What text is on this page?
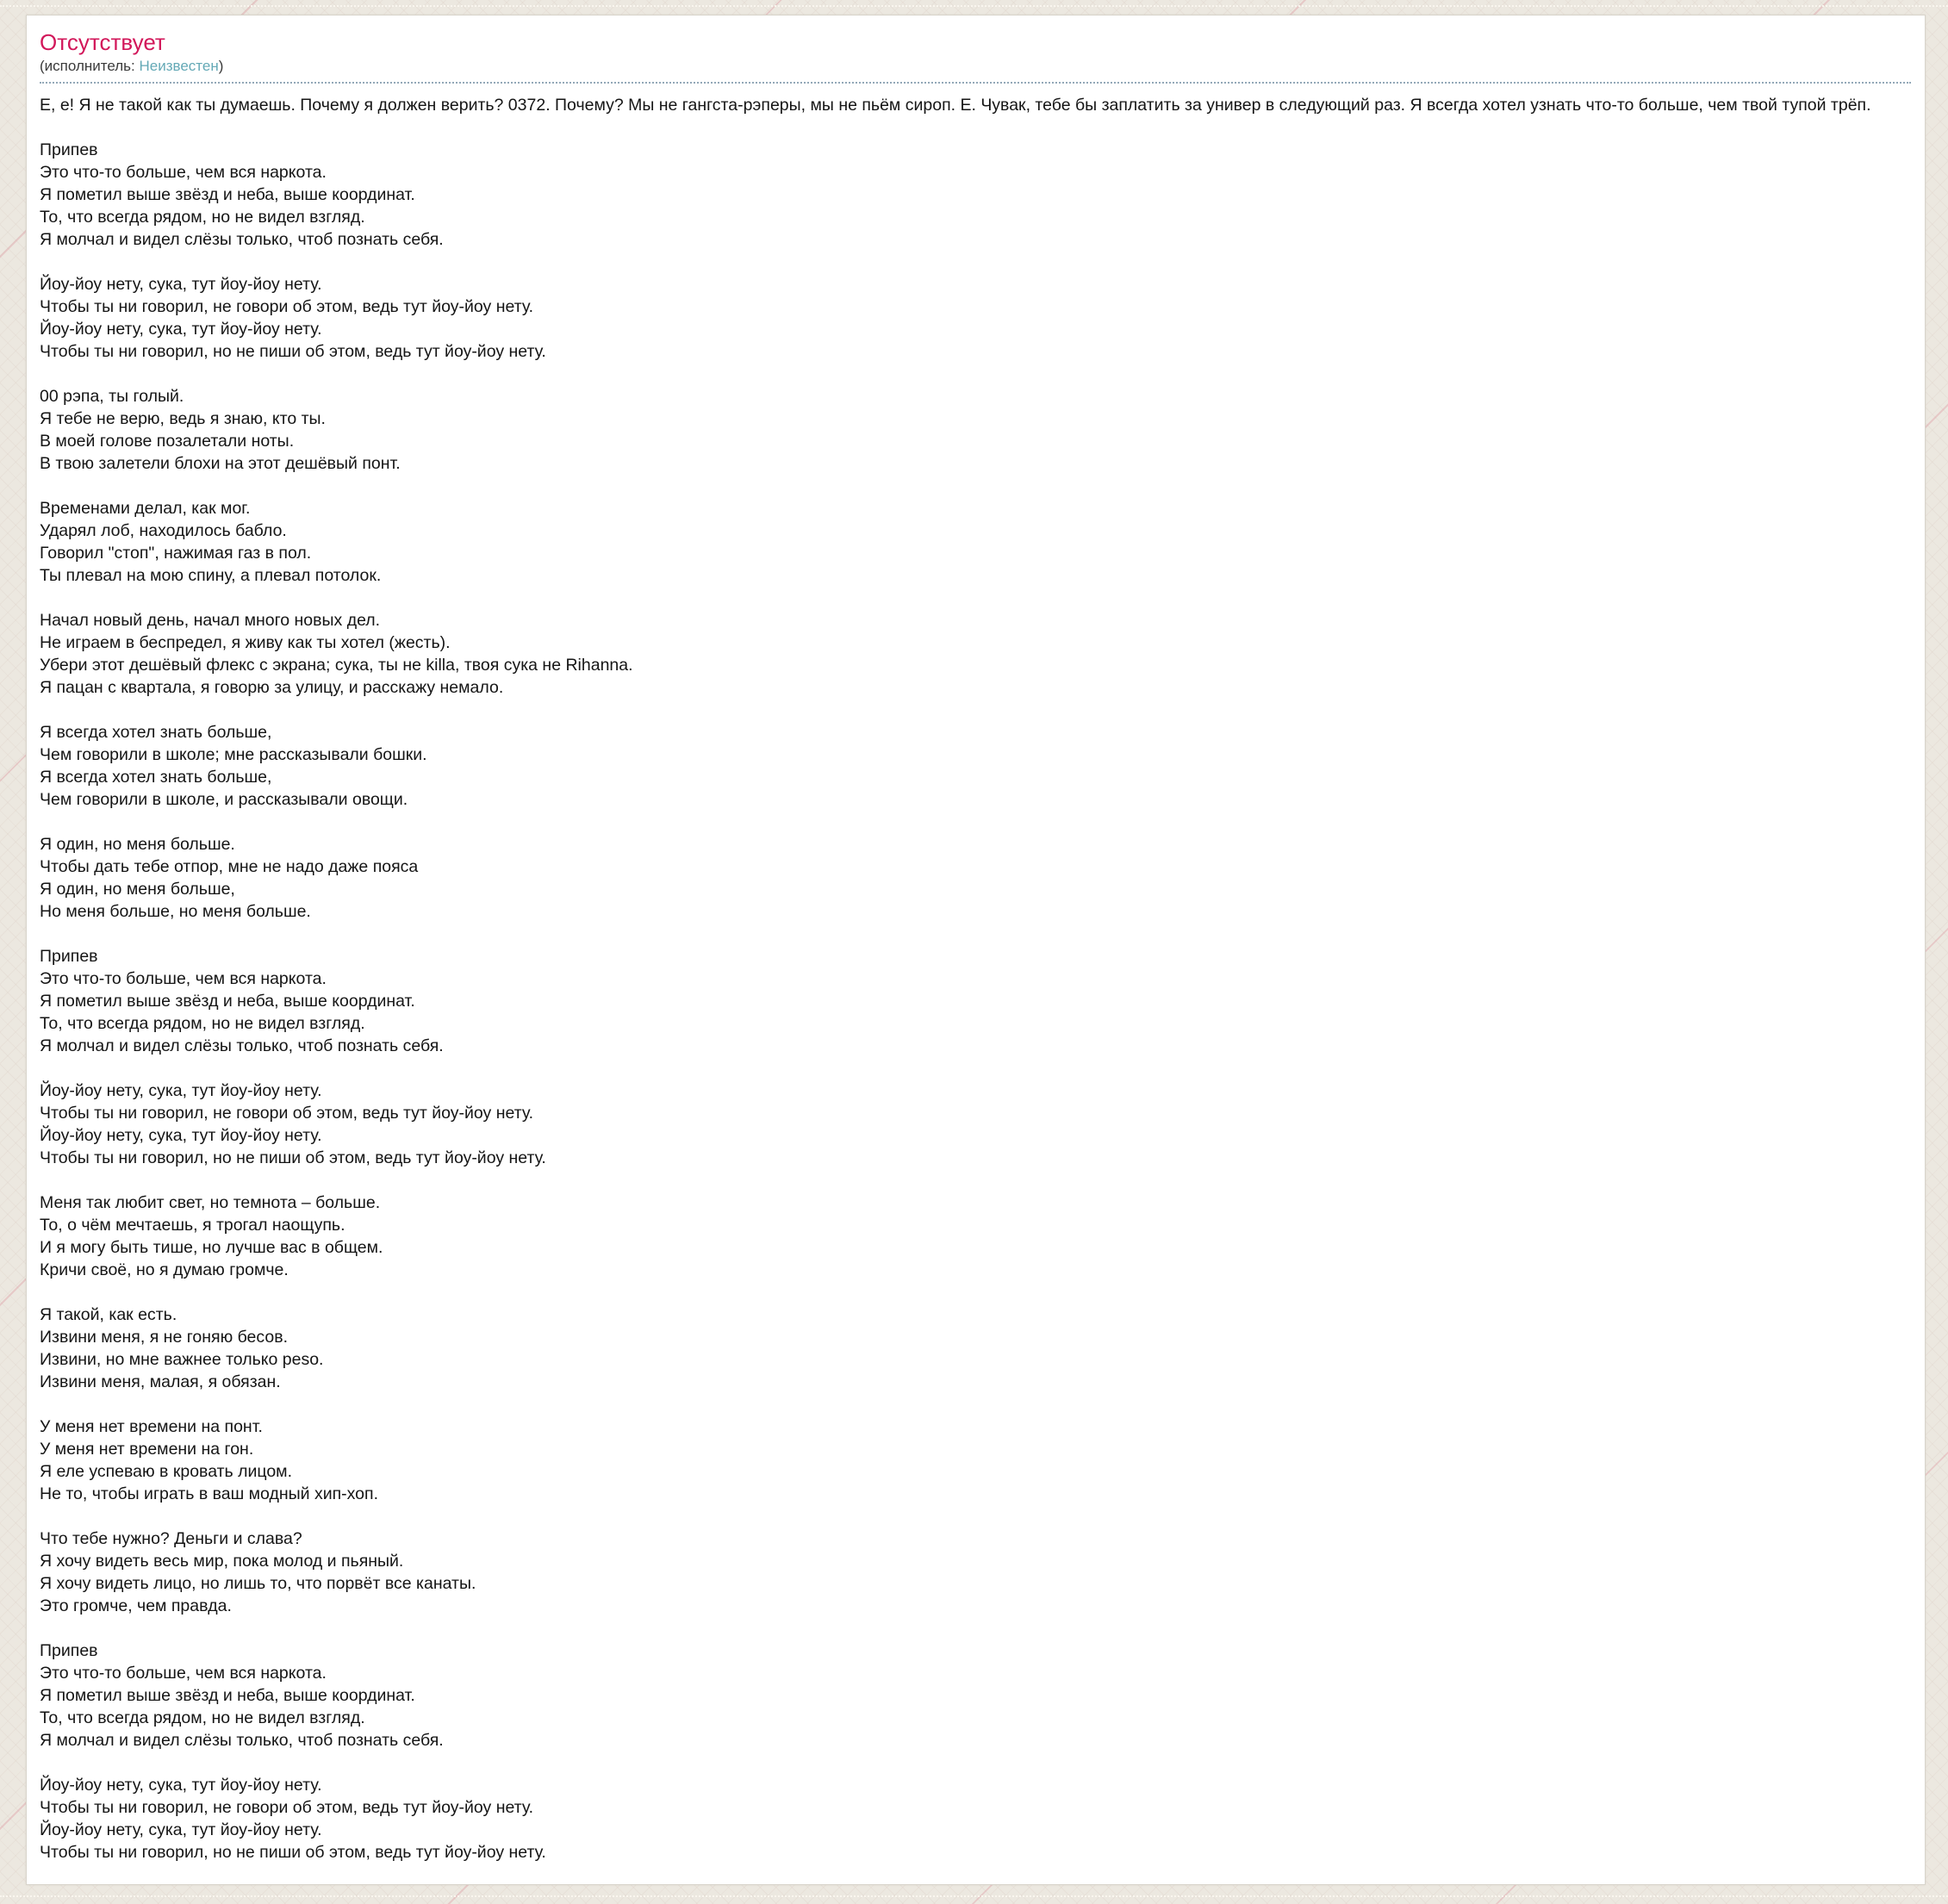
Отсутствует
(исполнитель: Неизвестен)
Е, е! Я не такой как ты думаешь. Почему я должен верить? 0372. Почему? Мы не гангста-рэперы, мы не пьём сироп. Е. Чувак, тебе бы заплатить за универ в следующий раз. Я всегда хотел узнать что-то больше, чем твой тупой трёп.
Припев
Это что-то больше, чем вся наркота.
Я пометил выше звёзд и неба, выше координат.
То, что всегда рядом, но не видел взгляд.
Я молчал и видел слёзы только, чтоб познать себя.
Йоу-йоу нету, сука, тут йоу-йоу нету.
Чтобы ты ни говорил, не говори об этом, ведь тут йоу-йоу нету.
Йоу-йоу нету, сука, тут йоу-йоу нету.
Чтобы ты ни говорил, но не пиши об этом, ведь тут йоу-йоу нету.
00 рэпа, ты голый.
Я тебе не верю, ведь я знаю, кто ты.
В моей голове позалетали ноты.
В твою залетели блохи на этот дешёвый понт.
Временами делал, как мог.
Ударял лоб, находилось бабло.
Говорил "стоп", нажимая газ в пол.
Ты плевал на мою спину, а плевал потолок.
Начал новый день, начал много новых дел.
Не играем в беспредел, я живу как ты хотел (жесть).
Убери этот дешёвый флекс с экрана; сука, ты не killa, твоя сука не Rihanna.
Я пацан с квартала, я говорю за улицу, и расскажу немало.
Я всегда хотел знать больше,
Чем говорили в школе; мне рассказывали бошки.
Я всегда хотел знать больше,
Чем говорили в школе, и рассказывали овощи.
Я один, но меня больше.
Чтобы дать тебе отпор, мне не надо даже пояса
Я один, но меня больше,
Но меня больше, но меня больше.
Припев
Это что-то больше, чем вся наркота.
Я пометил выше звёзд и неба, выше координат.
То, что всегда рядом, но не видел взгляд.
Я молчал и видел слёзы только, чтоб познать себя.
Йоу-йоу нету, сука, тут йоу-йоу нету.
Чтобы ты ни говорил, не говори об этом, ведь тут йоу-йоу нету.
Йоу-йоу нету, сука, тут йоу-йоу нету.
Чтобы ты ни говорил, но не пиши об этом, ведь тут йоу-йоу нету.
Меня так любит свет, но темнота – больше.
То, о чём мечтаешь, я трогал наощупь.
И я могу быть тише, но лучше вас в общем.
Кричи своё, но я думаю громче.
Я такой, как есть.
Извини меня, я не гоняю бесов.
Извини, но мне важнее только peso.
Извини меня, малая, я обязан.
У меня нет времени на понт.
У меня нет времени на гон.
Я еле успеваю в кровать лицом.
Не то, чтобы играть в ваш модный хип-хоп.
Что тебе нужно? Деньги и слава?
Я хочу видеть весь мир, пока молод и пьяный.
Я хочу видеть лицо, но лишь то, что порвёт все канаты.
Это громче, чем правда.
Припев
Это что-то больше, чем вся наркота.
Я пометил выше звёзд и неба, выше координат.
То, что всегда рядом, но не видел взгляд.
Я молчал и видел слёзы только, чтоб познать себя.
Йоу-йоу нету, сука, тут йоу-йоу нету.
Чтобы ты ни говорил, не говори об этом, ведь тут йоу-йоу нету.
Йоу-йоу нету, сука, тут йоу-йоу нету.
Чтобы ты ни говорил, но не пиши об этом, ведь тут йоу-йоу нету.
